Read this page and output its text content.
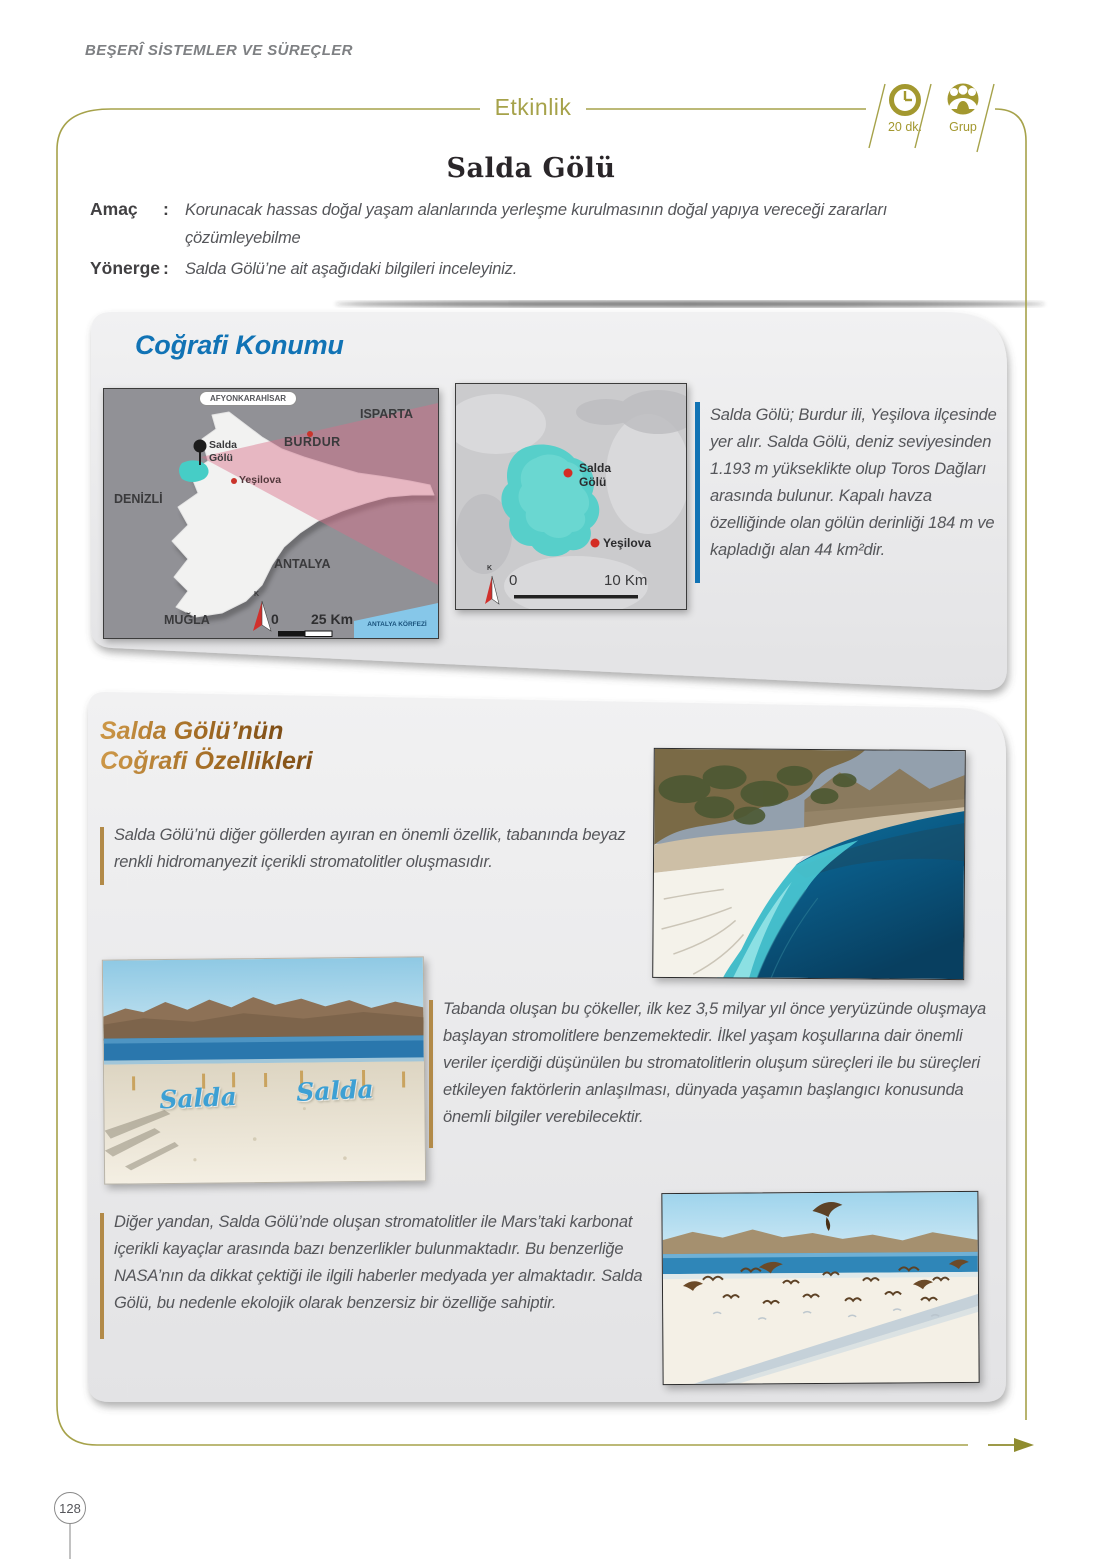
BEŞERÎ SİSTEMLER VE SÜREÇLER
Etkinlik
20 dk.	Grup
Salda Gölü
Amaç : Korunacak hassas doğal yaşam alanlarında yerleşme kurulmasının doğal yapıya vereceği zararları çözümleyebilme
Yönerge : Salda Gölü’ne ait aşağıdaki bilgileri inceleyiniz.
Coğrafi Konumu
AFYONKARAHİSAR
ISPARTA
BURDUR
Salda
Gölü
Yeşilova
DENİZLİ
ANTALYA
MUĞLA
K
0 25 Km	ANTALYA KÖRFEZİ
Salda
Gölü
Yeşilova
K
0	10 Km
Salda Gölü; Burdur ili, Yeşilova ilçesinde yer alır. Salda Gölü, deniz seviyesinden 1.193 m yükseklikte olup Toros Dağları arasında bulunur. Kapalı havza özelliğinde olan gölün derinliği 184 m ve kapladığı alan 44 km²dir.
Salda Gölü’nün
Coğrafi Özellikleri
Salda Gölü’nü diğer göllerden ayıran en önemli özellik, tabanında beyaz renkli hidromanyezit içerikli stromatolitler oluşmasıdır.
Salda Salda
Tabanda oluşan bu çökeller, ilk kez 3,5 milyar yıl önce yeryüzünde oluşmaya başlayan stromolitlere benzemektedir. İlkel yaşam koşullarına dair önemli veriler içerdiği düşünülen bu stromatolitlerin oluşum süreçleri ile bu süreçleri etkileyen faktörlerin anlaşılması, dünyada yaşamın başlangıcı konusunda önemli bilgiler verebilecektir.
Diğer yandan, Salda Gölü’nde oluşan stromatolitler ile Mars’taki karbonat içerikli kayaçlar arasında bazı benzerlikler bulunmaktadır. Bu benzerliğe NASA’nın da dikkat çektiği ile ilgili haberler medyada yer almaktadır. Salda Gölü, bu nedenle ekolojik olarak benzersiz bir özelliğe sahiptir.
128
